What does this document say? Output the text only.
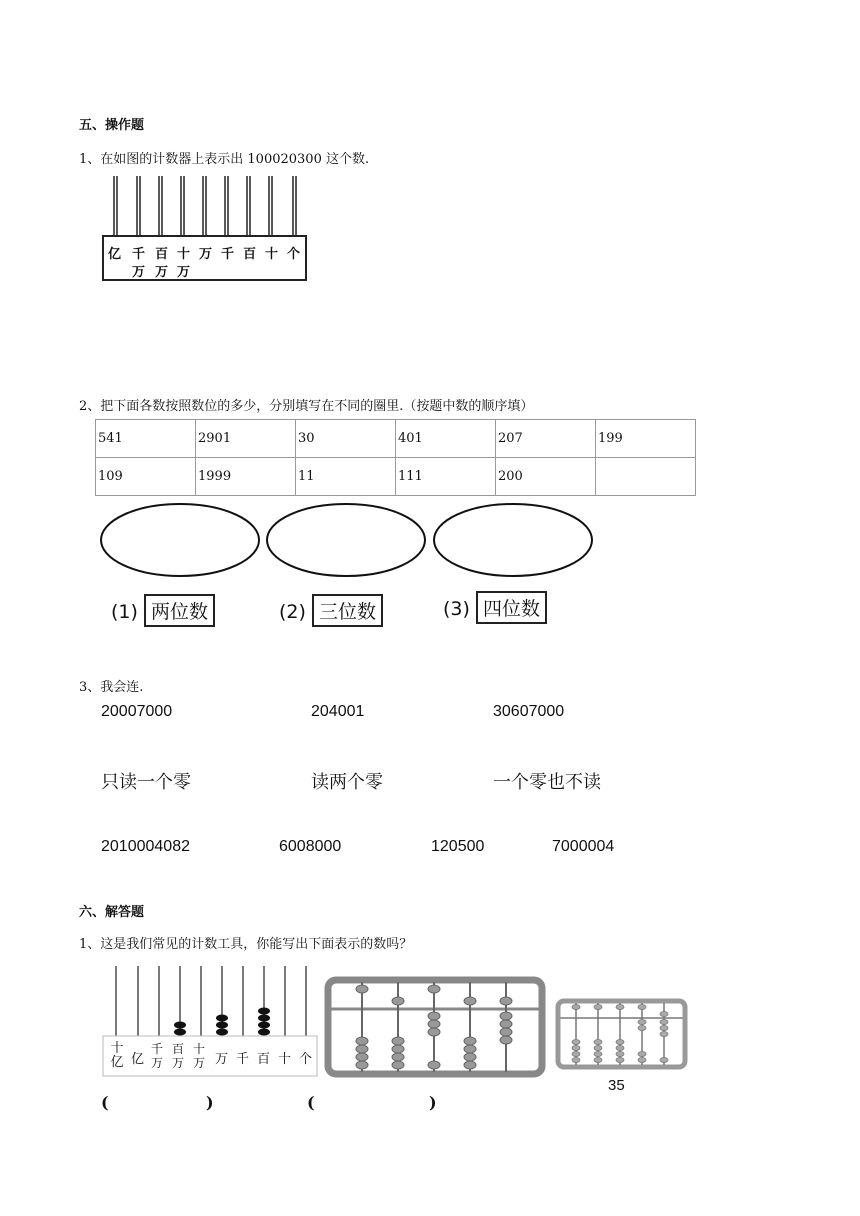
五、操作题
1、在如图的计数器上表示出 100020300 这个数.
亿 千 百 十 万 千 百 十 个
万 万 万
2、把下面各数按照数位的多少，分别填写在不同的圈里.（按题中数的顺序填）
541	2901	30	401	207	199
109	1999	11	111	200	
(1) 两位数	(2) 三位数	(3) 四位数
3、我会连.
20007000	204001	30607000
只读一个零	读两个零	一个零也不读
2010004082	6008000	120500	7000004
六、解答题
1、这是我们常见的计数工具，你能写出下面表示的数吗？
十
亿 亿
千
万
百
万
十
万 万 千 百 十 个
35
(	)	(	)
